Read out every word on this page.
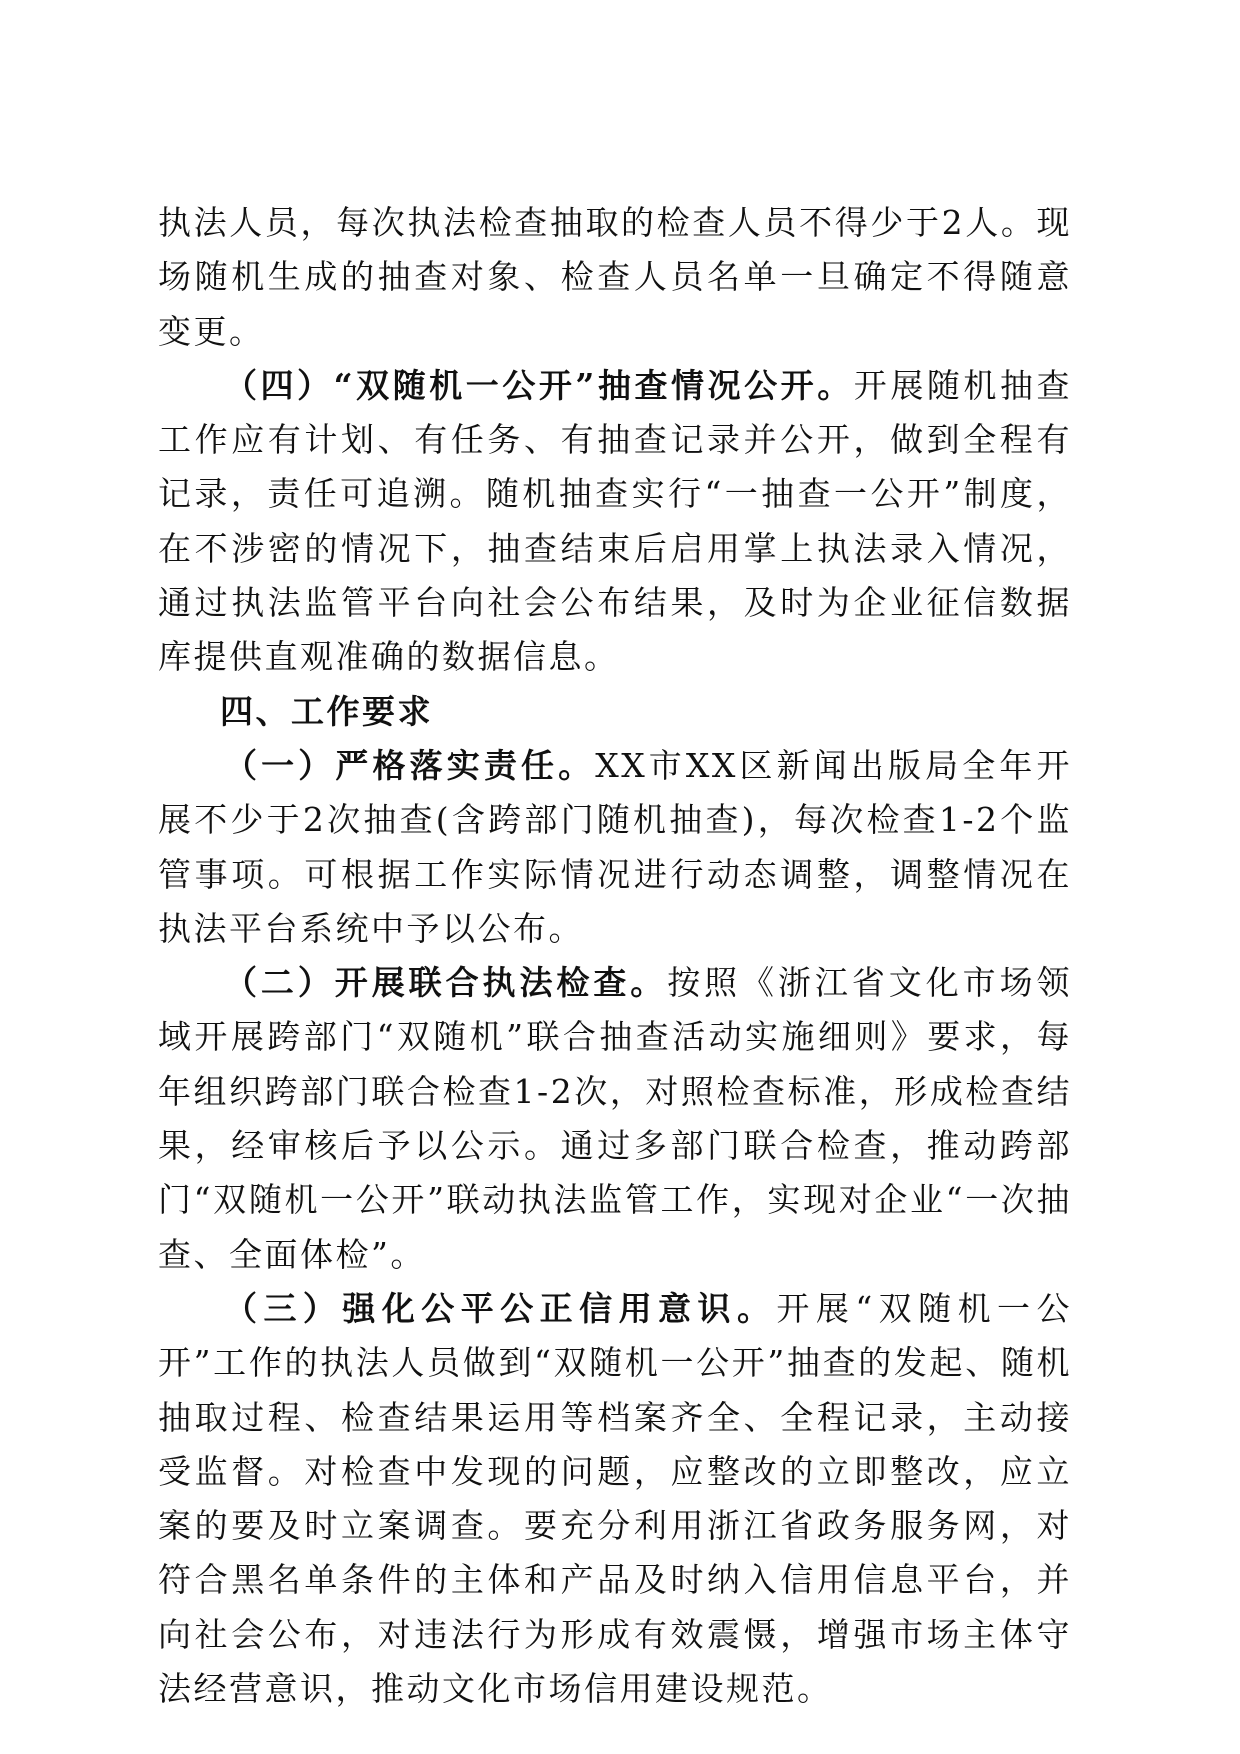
执法人员，每次执法检查抽取的检查人员不得少于2人。现场随机生成的抽查对象、检查人员名单一旦确定不得随意变更。

（四）“双随机一公开”抽查情况公开。开展随机抽查工作应有计划、有任务、有抽查记录并公开，做到全程有记录，责任可追溯。随机抽查实行“一抽查一公开”制度，在不涉密的情况下，抽查结束后启用掌上执法录入情况，通过执法监管平台向社会公布结果，及时为企业征信数据库提供直观准确的数据信息。

四、工作要求

（一）严格落实责任。XX市XX区新闻出版局全年开展不少于2次抽查(含跨部门随机抽查)，每次检查1-2个监管事项。可根据工作实际情况进行动态调整，调整情况在执法平台系统中予以公布。

（二）开展联合执法检查。按照《浙江省文化市场领域开展跨部门“双随机”联合抽查活动实施细则》要求，每年组织跨部门联合检查1-2次，对照检查标准，形成检查结果，经审核后予以公示。通过多部门联合检查，推动跨部门“双随机一公开”联动执法监管工作，实现对企业“一次抽查、全面体检”。

（三）强化公平公正信用意识。开展“双随机一公开”工作的执法人员做到“双随机一公开”抽查的发起、随机抽取过程、检查结果运用等档案齐全、全程记录，主动接受监督。对检查中发现的问题，应整改的立即整改，应立案的要及时立案调查。要充分利用浙江省政务服务网，对符合黑名单条件的主体和产品及时纳入信用信息平台，并向社会公布，对违法行为形成有效震慑，增强市场主体守法经营意识，推动文化市场信用建设规范。
